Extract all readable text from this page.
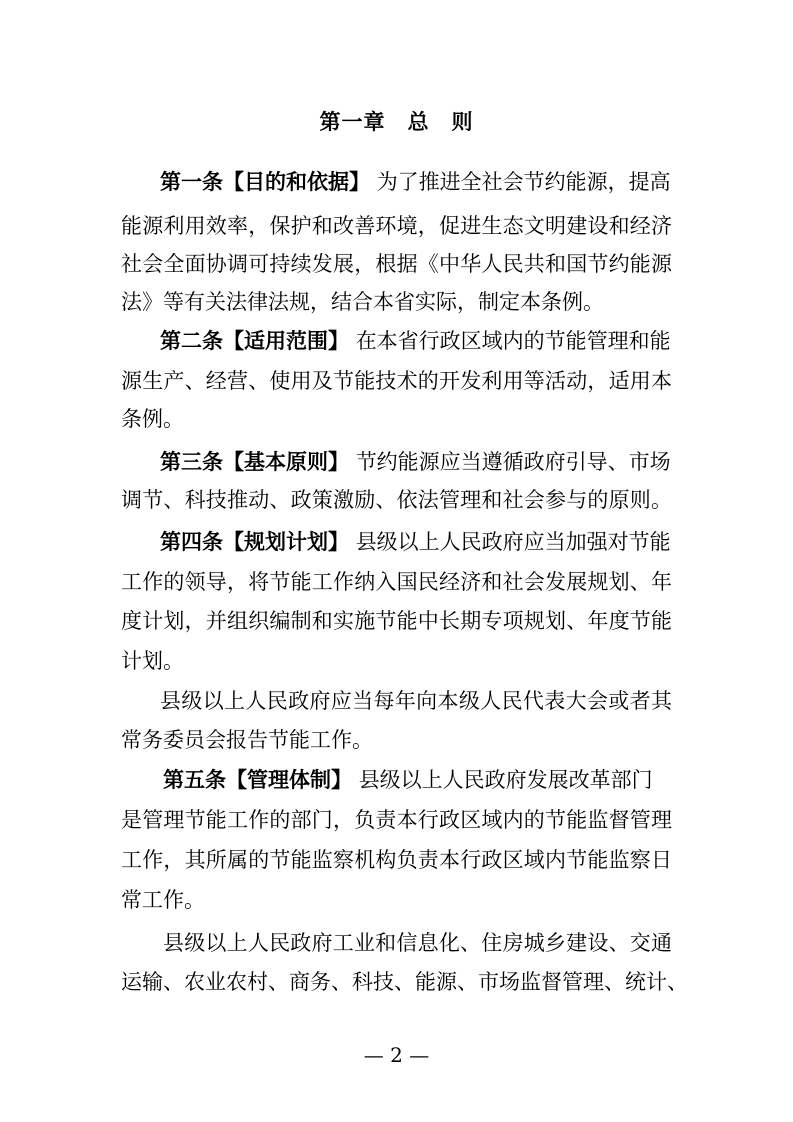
第一章　总　则
第一条【目的和依据】 为了推进全社会节约能源，提高
能源利用效率，保护和改善环境，促进生态文明建设和经济
社会全面协调可持续发展，根据《中华人民共和国节约能源
法》等有关法律法规，结合本省实际，制定本条例。
第二条【适用范围】 在本省行政区域内的节能管理和能
源生产、经营、使用及节能技术的开发利用等活动，适用本
条例。
第三条【基本原则】 节约能源应当遵循政府引导、市场
调节、科技推动、政策激励、依法管理和社会参与的原则。
第四条【规划计划】 县级以上人民政府应当加强对节能
工作的领导，将节能工作纳入国民经济和社会发展规划、年
度计划，并组织编制和实施节能中长期专项规划、年度节能
计划。
县级以上人民政府应当每年向本级人民代表大会或者其
常务委员会报告节能工作。
第五条【管理体制】 县级以上人民政府发展改革部门
是管理节能工作的部门，负责本行政区域内的节能监督管理
工作，其所属的节能监察机构负责本行政区域内节能监察日
常工作。
县级以上人民政府工业和信息化、住房城乡建设、交通
运输、农业农村、商务、科技、能源、市场监督管理、统计、
— 2 —
